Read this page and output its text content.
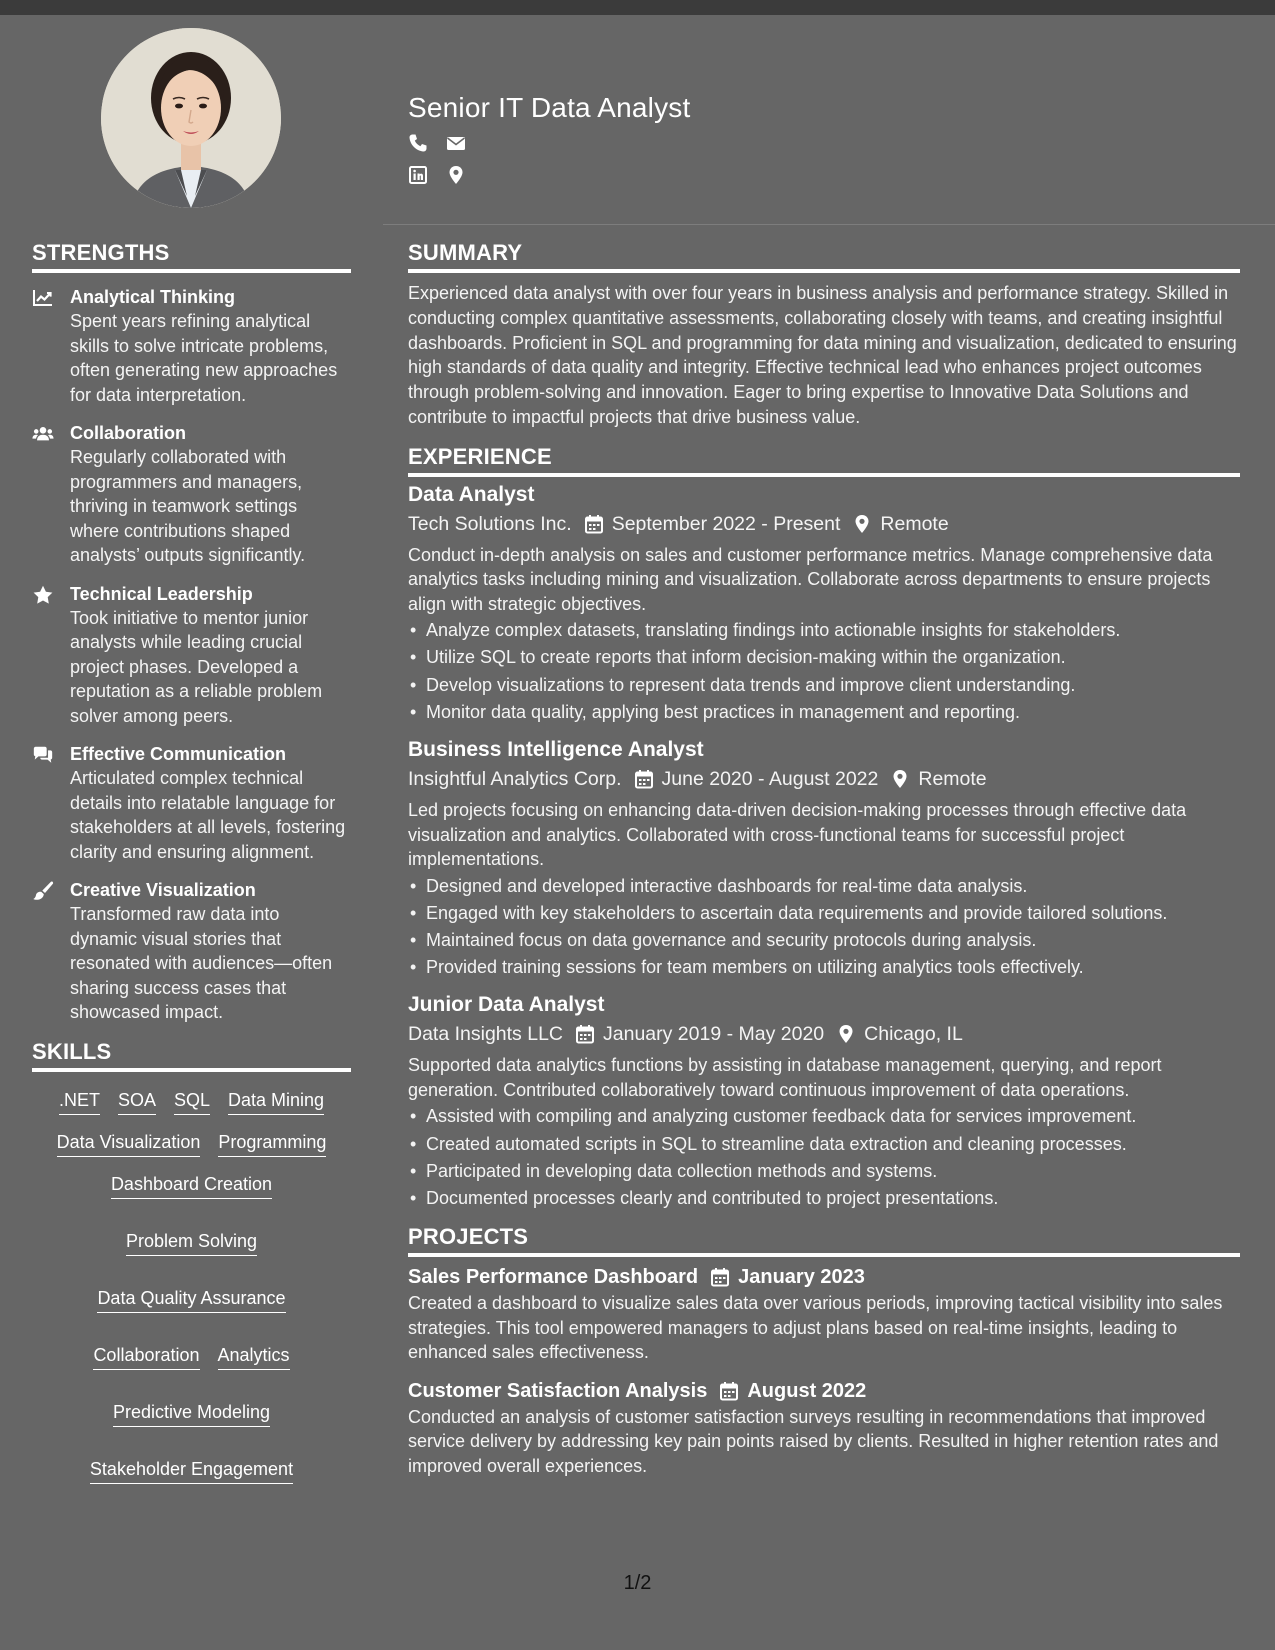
Senior IT Data Analyst
STRENGTHS
Analytical Thinking
Spent years refining analytical skills to solve intricate problems, often generating new approaches for data interpretation.
Collaboration
Regularly collaborated with programmers and managers, thriving in teamwork settings where contributions shaped analysts’ outputs significantly.
Technical Leadership
Took initiative to mentor junior analysts while leading crucial project phases. Developed a reputation as a reliable problem solver among peers.
Effective Communication
Articulated complex technical details into relatable language for stakeholders at all levels, fostering clarity and ensuring alignment.
Creative Visualization
Transformed raw data into dynamic visual stories that resonated with audiences—often sharing success cases that showcased impact.
SKILLS
.NET SOA SQL Data Mining
Data Visualization Programming
Dashboard Creation
Problem Solving
Data Quality Assurance
Collaboration Analytics
Predictive Modeling
Stakeholder Engagement
SUMMARY

Experienced data analyst with over four years in business analysis and performance strategy. Skilled in conducting complex quantitative assessments, collaborating closely with teams, and creating insightful dashboards. Proficient in SQL and programming for data mining and visualization, dedicated to ensuring high standards of data quality and integrity. Effective technical lead who enhances project outcomes through problem-solving and innovation. Eager to bring expertise to Innovative Data Solutions and contribute to impactful projects that drive business value.

EXPERIENCE
Data Analyst
Tech Solutions Inc. September 2022 - Present Remote

Conduct in-depth analysis on sales and customer performance metrics. Manage comprehensive data analytics tasks including mining and visualization. Collaborate across departments to ensure projects align with strategic objectives.

• Analyze complex datasets, translating findings into actionable insights for stakeholders.
• Utilize SQL to create reports that inform decision-making within the organization.
• Develop visualizations to represent data trends and improve client understanding.
• Monitor data quality, applying best practices in management and reporting.
Business Intelligence Analyst
Insightful Analytics Corp. June 2020 - August 2022 Remote

Led projects focusing on enhancing data-driven decision-making processes through effective data visualization and analytics. Collaborated with cross-functional teams for successful project implementations.

• Designed and developed interactive dashboards for real-time data analysis.
• Engaged with key stakeholders to ascertain data requirements and provide tailored solutions.
• Maintained focus on data governance and security protocols during analysis.
• Provided training sessions for team members on utilizing analytics tools effectively.
Junior Data Analyst
Data Insights LLC January 2019 - May 2020 Chicago, IL

Supported data analytics functions by assisting in database management, querying, and report generation. Contributed collaboratively toward continuous improvement of data operations.

• Assisted with compiling and analyzing customer feedback data for services improvement.
• Created automated scripts in SQL to streamline data extraction and cleaning processes.
• Participated in developing data collection methods and systems.
• Documented processes clearly and contributed to project presentations.
PROJECTS
Sales Performance Dashboard January 2023

Created a dashboard to visualize sales data over various periods, improving tactical visibility into sales strategies. This tool empowered managers to adjust plans based on real-time insights, leading to enhanced sales effectiveness.

Customer Satisfaction Analysis August 2022

Conducted an analysis of customer satisfaction surveys resulting in recommendations that improved service delivery by addressing key pain points raised by clients. Resulted in higher retention rates and improved overall experiences.

1/2
